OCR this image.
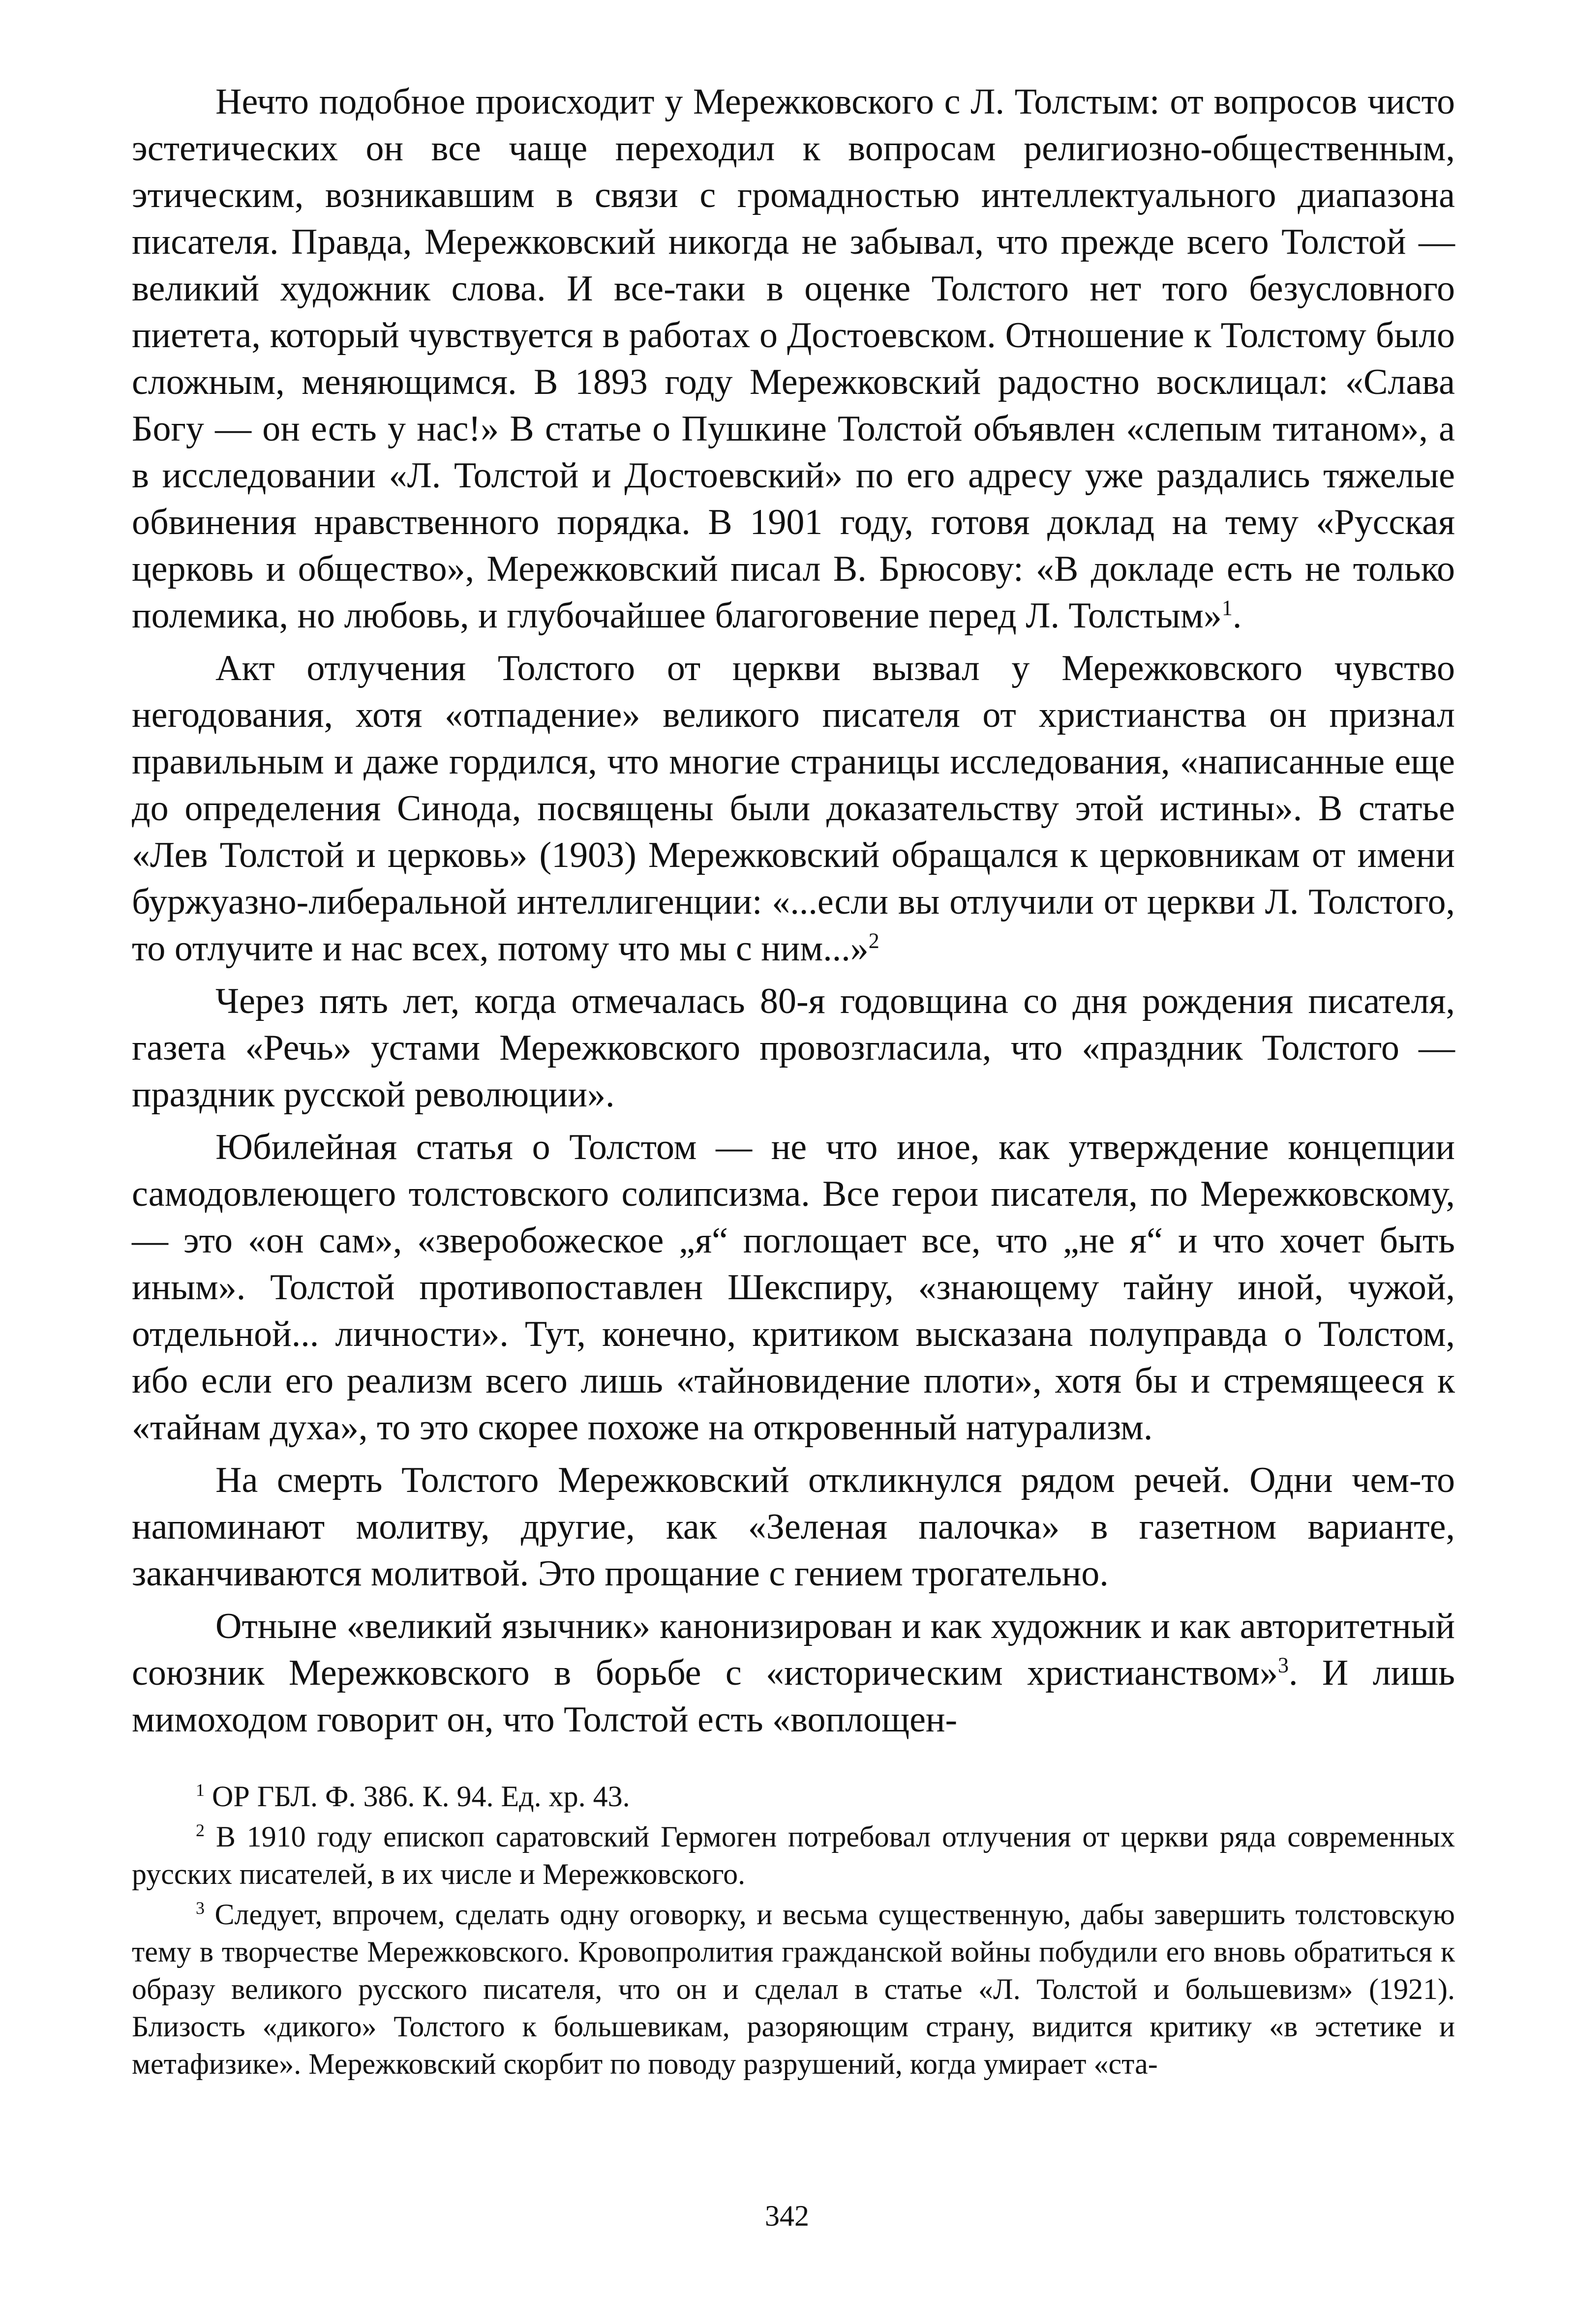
Нечто подобное происходит у Мережковского с Л. Толстым: от вопросов чисто эстетических он все чаще переходил к вопросам религиозно-общественным, этическим, возникавшим в связи с громадностью интеллектуального диапазона писателя. Правда, Мережковский никогда не забывал, что прежде всего Толстой — великий художник слова. И все-таки в оценке Толстого нет того безусловного пиетета, который чувствуется в работах о Достоевском. Отношение к Толстому было сложным, меняющимся. В 1893 году Мережковский радостно восклицал: «Слава Богу — он есть у нас!» В статье о Пушкине Толстой объявлен «слепым титаном», а в исследовании «Л. Толстой и Достоевский» по его адресу уже раздались тяжелые обвинения нравственного порядка. В 1901 году, готовя доклад на тему «Русская церковь и общество», Мережковский писал В. Брюсову: «В докладе есть не только полемика, но любовь, и глубочайшее благоговение перед Л. Толстым»$^1$.

Акт отлучения Толстого от церкви вызвал у Мережковского чувство негодования, хотя «отпадение» великого писателя от христианства он признал правильным и даже гордился, что многие страницы исследования, «написанные еще до определения Синода, посвящены были доказательству этой истины». В статье «Лев Толстой и церковь» (1903) Мережковский обращался к церковникам от имени буржуазно-либеральной интеллигенции: «...если вы отлучили от церкви Л. Толстого, то отлучите и нас всех, потому что мы с ним...»$^2$

Через пять лет, когда отмечалась 80-я годовщина со дня рождения писателя, газета «Речь» устами Мережковского провозгласила, что «праздник Толстого — праздник русской революции».

Юбилейная статья о Толстом — не что иное, как утверждение концепции самодовлеющего толстовского солипсизма. Все герои писателя, по Мережковскому,— это «он сам», «зверобожеское „я“ поглощает все, что „не я“ и что хочет быть иным». Толстой противопоставлен Шекспиру, «знающему тайну иной, чужой, отдельной... личности». Тут, конечно, критиком высказана полуправда о Толстом, ибо если его реализм всего лишь «тайновидение плоти», хотя бы и стремящееся к «тайнам духа», то это скорее похоже на откровенный натурализм.

На смерть Толстого Мережковский откликнулся рядом речей. Одни чем-то напоминают молитву, другие, как «Зеленая палочка» в газетном варианте, заканчиваются молитвой. Это прощание с гением трогательно.

Отныне «великий язычник» канонизирован и как художник и как авторитетный союзник Мережковского в борьбе с «историческим христианством»$^3$. И лишь мимоходом говорит он, что Толстой есть «воплощен-

$^1$ ОР ГБЛ. Ф. 386. К. 94. Ед. хр. 43.

$^2$ В 1910 году епископ саратовский Гермоген потребовал отлучения от церкви ряда современных русских писателей, в их числе и Мережковского.

$^3$ Следует, впрочем, сделать одну оговорку, и весьма существенную, дабы завершить толстовскую тему в творчестве Мережковского. Кровопролития гражданской войны побудили его вновь обратиться к образу великого русского писателя, что он и сделал в статье «Л. Толстой и большевизм» (1921). Близость «дикого» Толстого к большевикам, разоряющим страну, видится критику «в эстетике и метафизике». Мережковский скорбит по поводу разрушений, когда умирает «ста-

342
